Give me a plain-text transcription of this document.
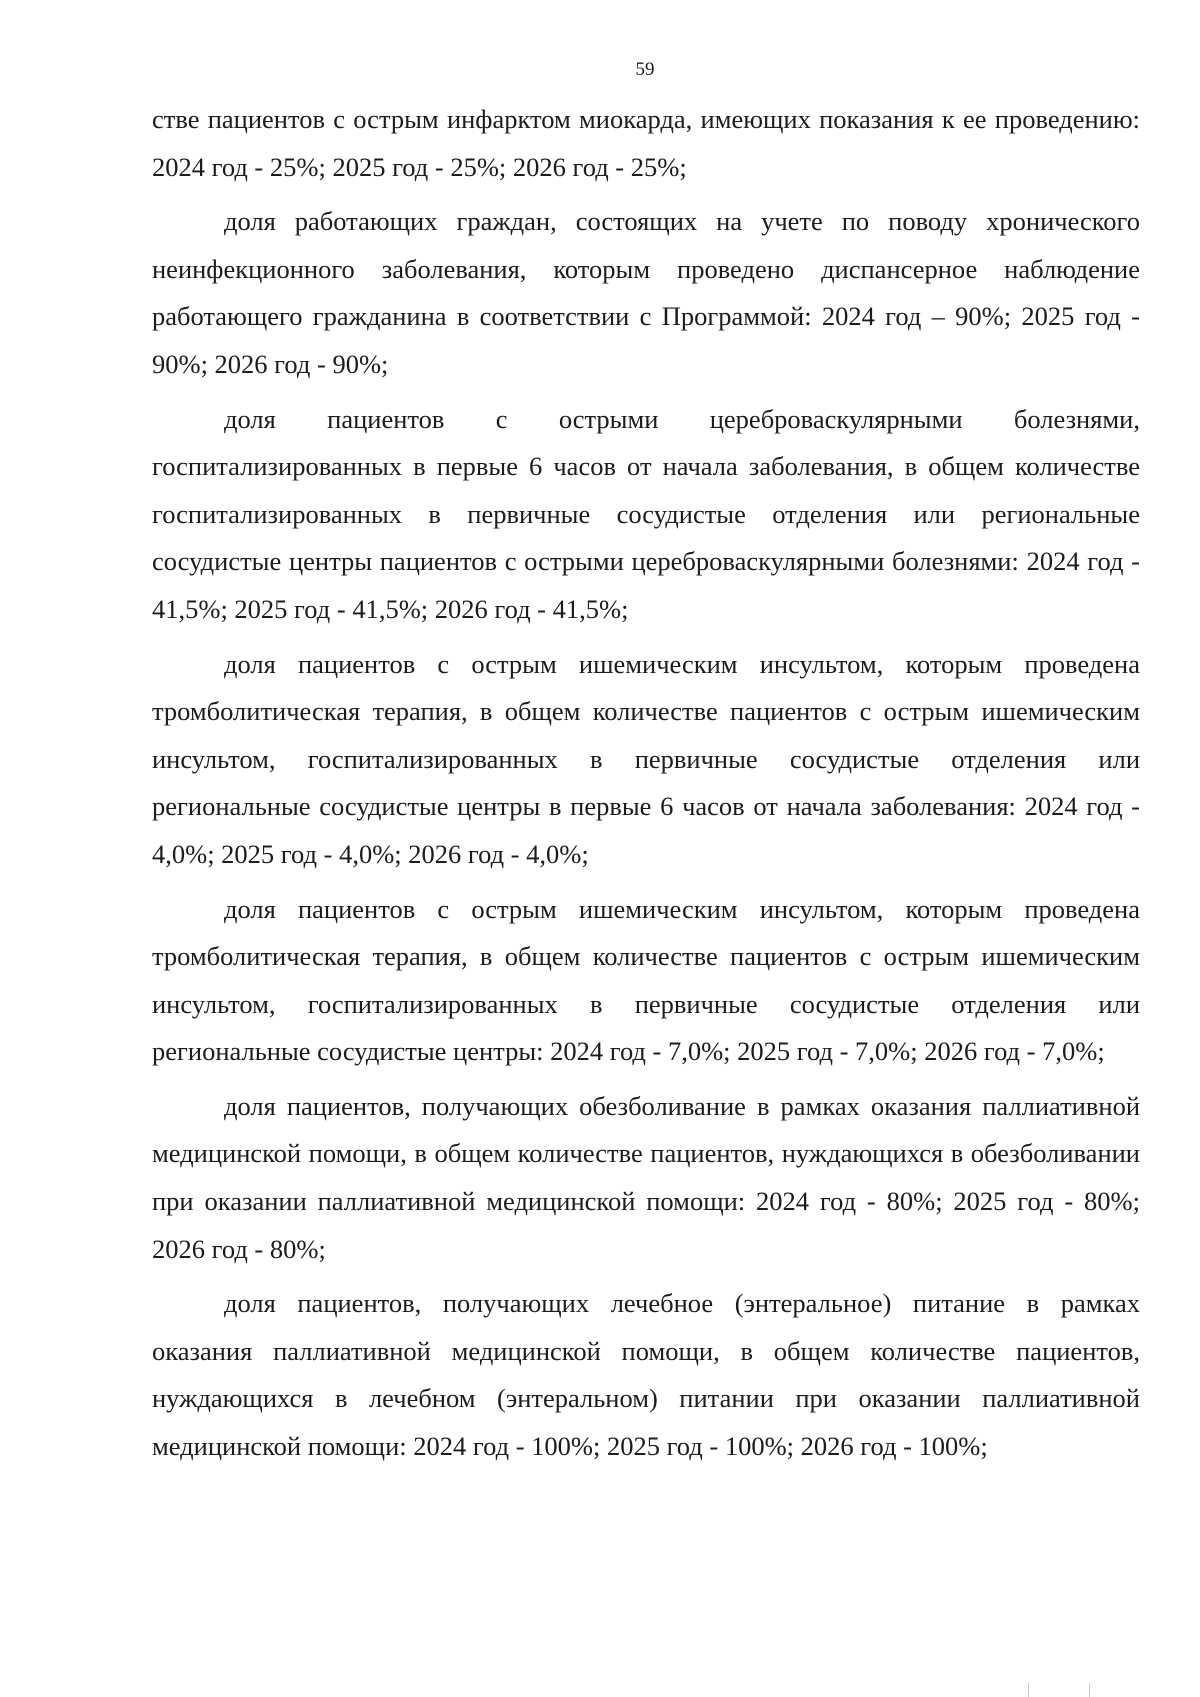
59

стве пациентов с острым инфарктом миокарда, имеющих показания к ее проведению: 2024 год - 25%; 2025 год - 25%; 2026 год - 25%;

доля работающих граждан, состоящих на учете по поводу хронического неинфекционного заболевания, которым проведено диспансерное наблюдение работающего гражданина в соответствии с Программой: 2024 год – 90%; 2025 год - 90%; 2026 год - 90%;

доля пациентов с острыми цереброваскулярными болезнями, госпитализированных в первые 6 часов от начала заболевания, в общем количестве госпитализированных в первичные сосудистые отделения или региональные сосудистые центры пациентов с острыми цереброваскулярными болезнями: 2024 год - 41,5%; 2025 год - 41,5%; 2026 год - 41,5%;

доля пациентов с острым ишемическим инсультом, которым проведена тромболитическая терапия, в общем количестве пациентов с острым ишемическим инсультом, госпитализированных в первичные сосудистые отделения или региональные сосудистые центры в первые 6 часов от начала заболевания: 2024 год - 4,0%; 2025 год - 4,0%; 2026 год - 4,0%;

доля пациентов с острым ишемическим инсультом, которым проведена тромболитическая терапия, в общем количестве пациентов с острым ишемическим инсультом, госпитализированных в первичные сосудистые отделения или региональные сосудистые центры: 2024 год - 7,0%; 2025 год - 7,0%; 2026 год - 7,0%;

доля пациентов, получающих обезболивание в рамках оказания паллиативной медицинской помощи, в общем количестве пациентов, нуждающихся в обезболивании при оказании паллиативной медицинской помощи: 2024 год - 80%; 2025 год - 80%; 2026 год - 80%;

доля пациентов, получающих лечебное (энтеральное) питание в рамках оказания паллиативной медицинской помощи, в общем количестве пациентов, нуждающихся в лечебном (энтеральном) питании при оказании паллиативной медицинской помощи: 2024 год - 100%; 2025 год - 100%; 2026 год - 100%;
